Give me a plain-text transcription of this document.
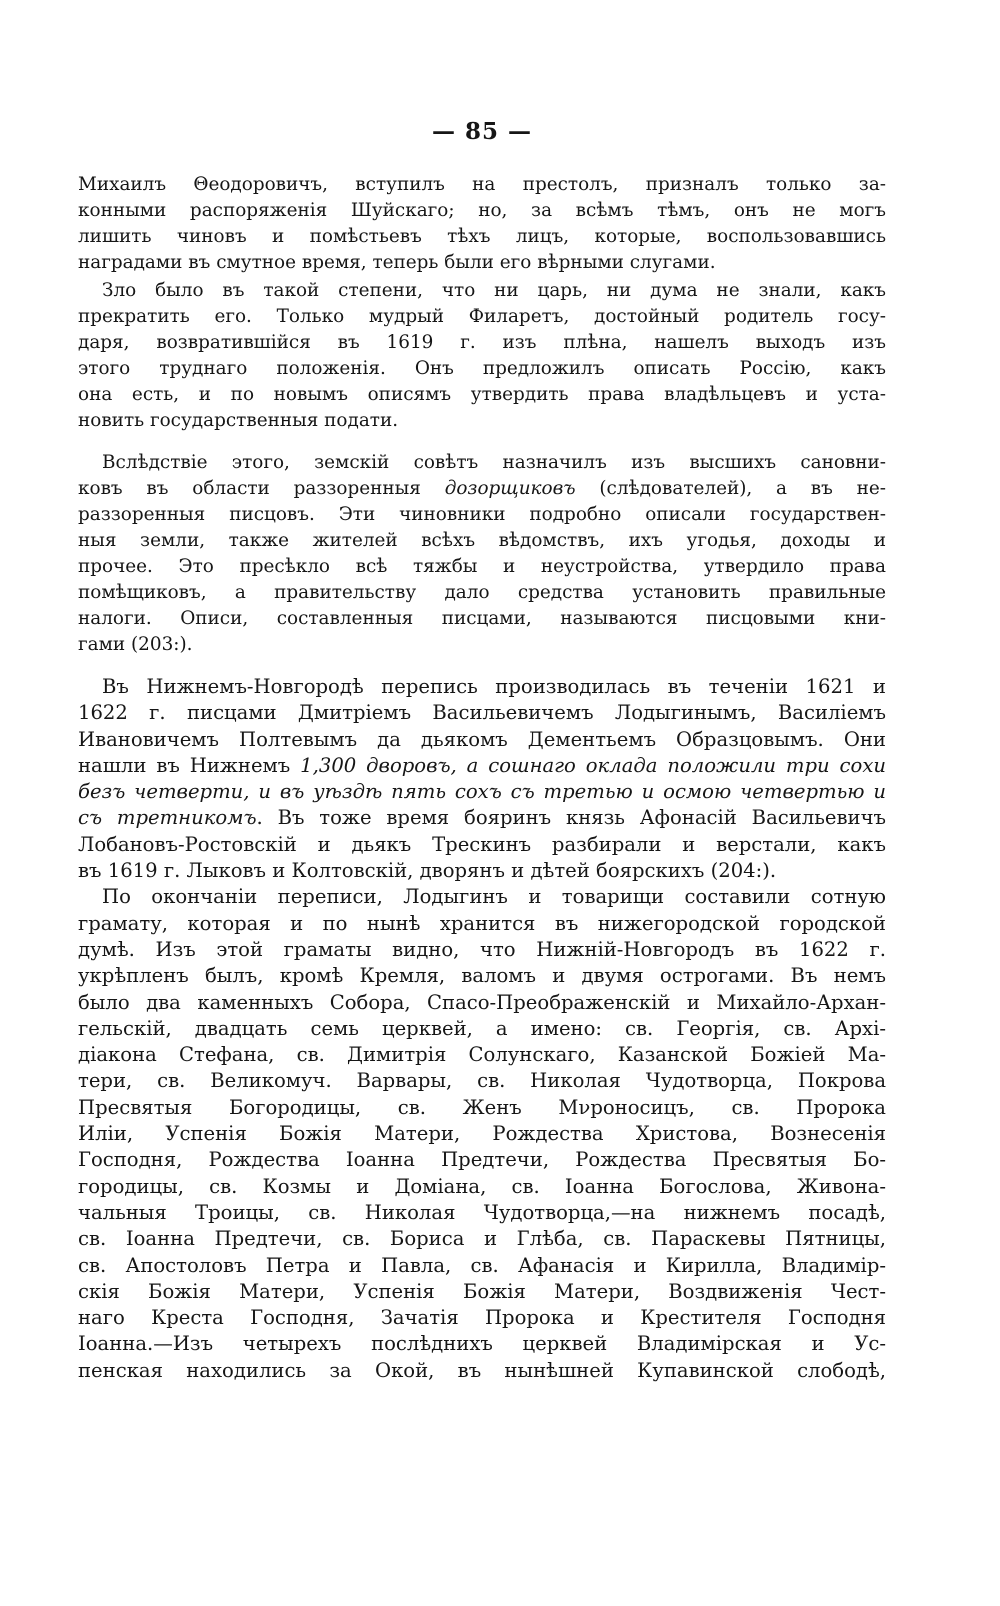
— 85 —
Михаилъ Θеодоровичъ, вступилъ на престолъ, призналъ только за-
конными распоряженія Шуйскаго; но, за всѣмъ тѣмъ, онъ не могъ
лишить чиновъ и помѣстьевъ тѣхъ лицъ, которые, воспользовавшись
наградами въ смутное время, теперь были его вѣрными слугами.
Зло было въ такой степени, что ни царь, ни дума не знали, какъ
прекратить его. Только мудрый Филаретъ, достойный родитель госу-
даря, возвратившійся въ 1619 г. изъ плѣна, нашелъ выходъ изъ
этого труднаго положенія. Онъ предложилъ описать Россію, какъ
она есть, и по новымъ описямъ утвердить права владѣльцевъ и уста-
новить государственныя подати.
Вслѣдствіе этого, земскій совѣтъ назначилъ изъ высшихъ сановни-
ковъ въ области раззоренныя дозорщиковъ (слѣдователей), а въ не-
раззоренныя писцовъ. Эти чиновники подробно описали государствен-
ныя земли, также жителей всѣхъ вѣдомствъ, ихъ угодья, доходы и
прочее. Это пресѣкло всѣ тяжбы и неустройства, утвердило права
помѣщиковъ, а правительству дало средства установить правильные
налоги. Описи, составленныя писцами, называются писцовыми кни-
гами (203:).
Въ Нижнемъ-Новгородѣ перепись производилась въ теченіи 1621 и
1622 г. писцами Дмитріемъ Васильевичемъ Лодыгинымъ, Василіемъ
Ивановичемъ Полтевымъ да дьякомъ Дементьемъ Образцовымъ. Они
нашли въ Нижнемъ 1,300 дворовъ, а сошнаго оклада положили три сохи
безъ четверти, и въ уѣздѣ пять сохъ съ третью и осмою четвертью и
съ третникомъ. Въ тоже время бояринъ князь Афонасій Васильевичъ
Лобановъ-Ростовскій и дьякъ Трескинъ разбирали и верстали, какъ
въ 1619 г. Лыковъ и Колтовскій, дворянъ и дѣтей боярскихъ (204:).
По окончаніи переписи, Лодыгинъ и товарищи составили сотную
грамату, которая и по нынѣ хранится въ нижегородской городской
думѣ. Изъ этой граматы видно, что Нижній-Новгородъ въ 1622 г.
укрѣпленъ былъ, кромѣ Кремля, валомъ и двумя острогами. Въ немъ
было два каменныхъ Собора, Спасо-Преображенскій и Михайло-Архан-
гельскій, двадцать семь церквей, а имено: св. Георгія, св. Архі-
діакона Стефана, св. Димитрія Солунскаго, Казанской Божіей Ма-
тери, св. Великомуч. Варвары, св. Николая Чудотворца, Покрова
Пресвятыя Богородицы, св. Женъ Мνроносицъ, св. Пророка
Иліи, Успенія Божія Матери, Рождества Христова, Вознесенія
Господня, Рождества Іоанна Предтечи, Рождества Пресвятыя Бо-
городицы, св. Козмы и Доміана, св. Іоанна Богослова, Живона-
чальныя Троицы, св. Николая Чудотворца,—на нижнемъ посадѣ,
св. Іоанна Предтечи, св. Бориса и Глѣба, св. Параскевы Пятницы,
св. Апостоловъ Петра и Павла, св. Афанасія и Кирилла, Владимір-
скія Божія Матери, Успенія Божія Матери, Воздвиженія Чест-
наго Креста Господня, Зачатія Пророка и Крестителя Господня
Іоанна.—Изъ четырехъ послѣднихъ церквей Владимірская и Ус-
пенская находились за Окой, въ нынѣшней Купавинской слободѣ,
